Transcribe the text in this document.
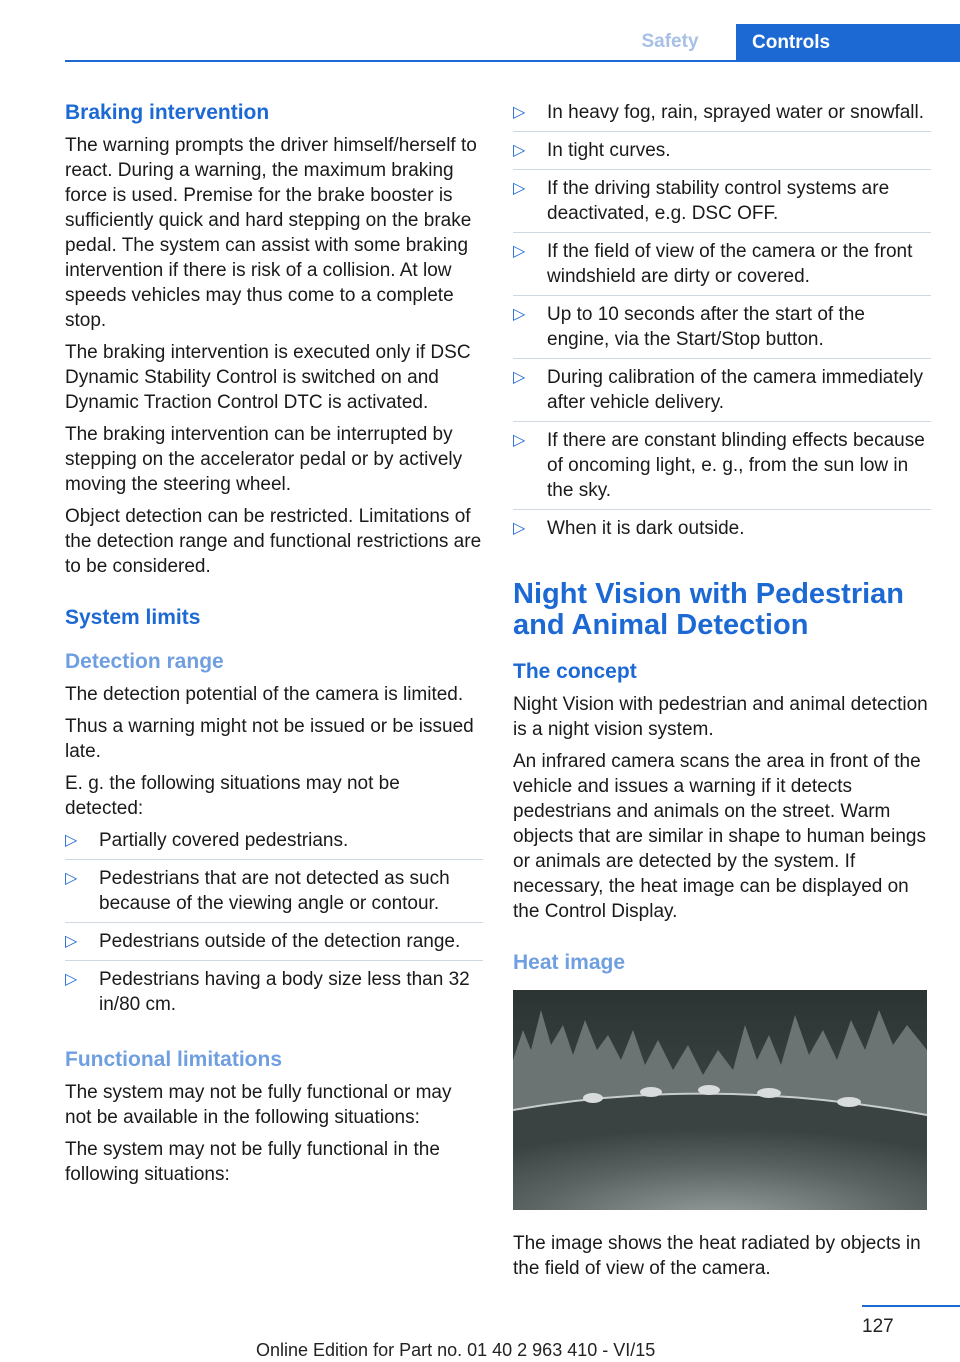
Safety	Controls
Braking intervention

The warning prompts the driver himself/herself to react. During a warning, the maximum braking force is used. Premise for the brake booster is sufficiently quick and hard stepping on the brake pedal. The system can assist with some braking intervention if there is risk of a collision. At low speeds vehicles may thus come to a complete stop.

The braking intervention is executed only if DSC Dynamic Stability Control is switched on and Dynamic Traction Control DTC is activated.

The braking intervention can be interrupted by stepping on the accelerator pedal or by actively moving the steering wheel.

Object detection can be restricted. Limitations of the detection range and functional restrictions are to be considered.

System limits
Detection range

The detection potential of the camera is limited.

Thus a warning might not be issued or be issued late.

E. g. the following situations may not be detected:

▷ Partially covered pedestrians.
▷ Pedestrians that are not detected as such because of the viewing angle or contour.
▷ Pedestrians outside of the detection range.
▷ Pedestrians having a body size less than 32 in/80 cm.
Functional limitations

The system may not be fully functional or may not be available in the following situations:

The system may not be fully functional in the following situations:

▷ In heavy fog, rain, sprayed water or snowfall.
▷ In tight curves.
▷ If the driving stability control systems are deactivated, e.g. DSC OFF.
▷ If the field of view of the camera or the front windshield are dirty or covered.
▷ Up to 10 seconds after the start of the engine, via the Start/Stop button.
▷ During calibration of the camera immediately after vehicle delivery.
▷ If there are constant blinding effects because of oncoming light, e. g., from the sun low in the sky.
▷ When it is dark outside.
Night Vision with Pedestrian and Animal Detection
The concept

Night Vision with pedestrian and animal detection is a night vision system.

An infrared camera scans the area in front of the vehicle and issues a warning if it detects pedestrians and animals on the street. Warm objects that are similar in shape to human beings or animals are detected by the system. If necessary, the heat image can be displayed on the Control Display.

Heat image

The image shows the heat radiated by objects in the field of view of the camera.

127
Online Edition for Part no. 01 40 2 963 410 - VI/15
